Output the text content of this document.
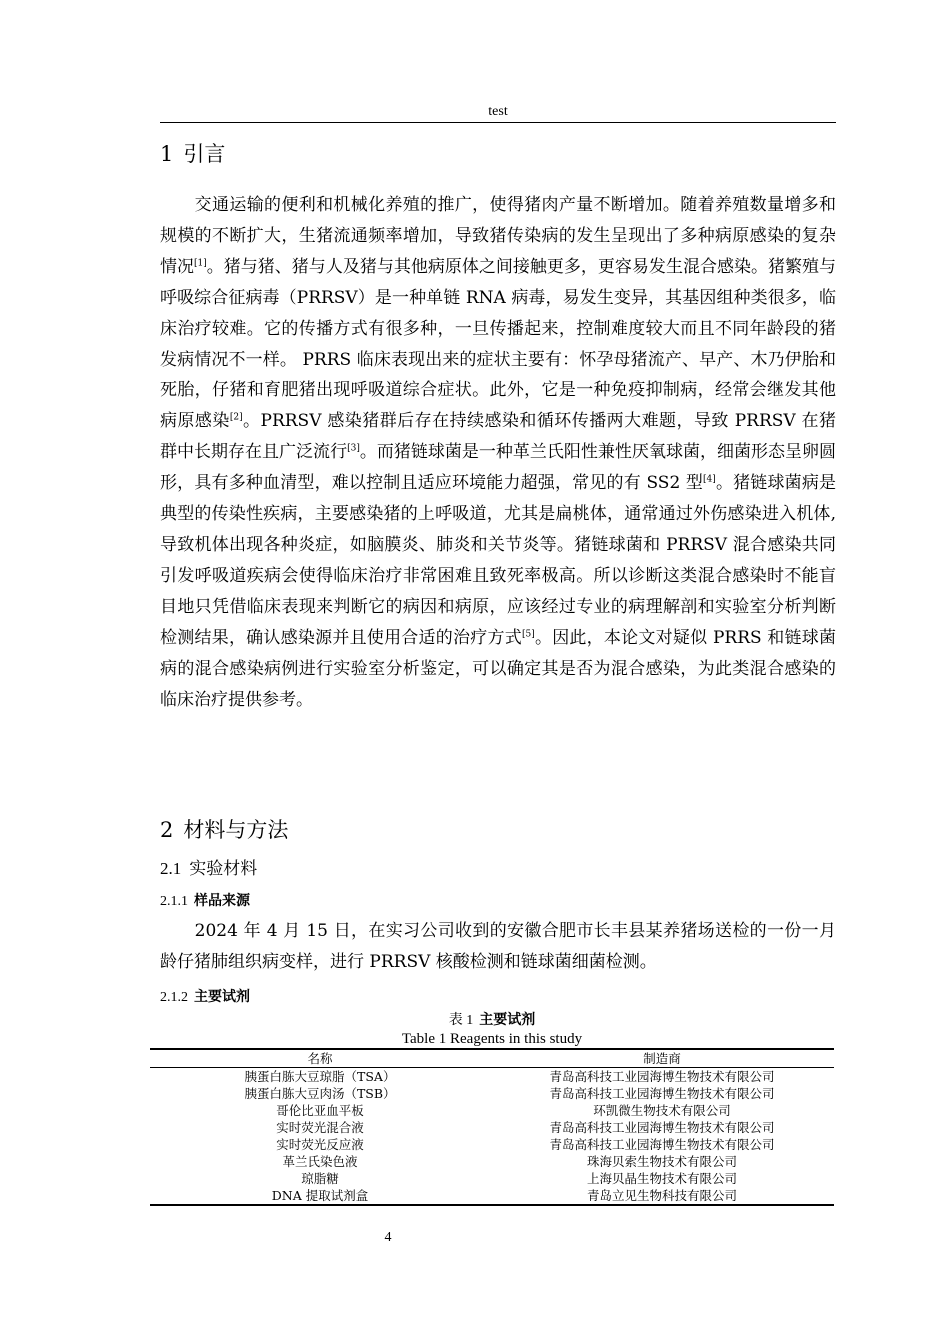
test
1 引言

　　交通运输的便利和机械化养殖的推广，使得猪肉产量不断增加。随着养殖数量增多和规模的不断扩大，生猪流通频率增加，导致猪传染病的发生呈现出了多种病原感染的复杂情况[1]。猪与猪、猪与人及猪与其他病原体之间接触更多，更容易发生混合感染。猪繁殖与呼吸综合征病毒（PRRSV）是一种单链 RNA 病毒，易发生变异，其基因组种类很多，临床治疗较难。它的传播方式有很多种，一旦传播起来，控制难度较大而且不同年龄段的猪发病情况不一样。 PRRS 临床表现出来的症状主要有：怀孕母猪流产、早产、木乃伊胎和死胎，仔猪和育肥猪出现呼吸道综合症状。此外，它是一种免疫抑制病，经常会继发其他病原感染[2]。PRRSV 感染猪群后存在持续感染和循环传播两大难题，导致 PRRSV 在猪群中长期存在且广泛流行[3]。而猪链球菌是一种革兰氏阳性兼性厌氧球菌，细菌形态呈卵圆形，具有多种血清型，难以控制且适应环境能力超强，常见的有 SS2 型[4]。猪链球菌病是典型的传染性疾病，主要感染猪的上呼吸道，尤其是扁桃体，通常通过外伤感染进入机体,导致机体出现各种炎症，如脑膜炎、肺炎和关节炎等。猪链球菌和 PRRSV 混合感染共同引发呼吸道疾病会使得临床治疗非常困难且致死率极高。所以诊断这类混合感染时不能盲目地只凭借临床表现来判断它的病因和病原，应该经过专业的病理解剖和实验室分析判断检测结果，确认感染源并且使用合适的治疗方式[5]。因此，本论文对疑似 PRRS 和链球菌病的混合感染病例进行实验室分析鉴定，可以确定其是否为混合感染，为此类混合感染的临床治疗提供参考。

2 材料与方法
2.1 实验材料
2.1.1 样品来源

　　2024 年 4 月 15 日，在实习公司收到的安徽合肥市长丰县某养猪场送检的一份一月龄仔猪肺组织病变样，进行 PRRSV 核酸检测和链球菌细菌检测。

2.1.2 主要试剂
表 1 主要试剂
Table 1 Reagents in this study
名称	制造商
胰蛋白胨大豆琼脂（TSA）	青岛高科技工业园海博生物技术有限公司
胰蛋白胨大豆肉汤（TSB）	青岛高科技工业园海博生物技术有限公司
哥伦比亚血平板	环凯微生物技术有限公司
实时荧光混合液	青岛高科技工业园海博生物技术有限公司
实时荧光反应液	青岛高科技工业园海博生物技术有限公司
革兰氏染色液	珠海贝索生物技术有限公司
琼脂糖	上海贝晶生物技术有限公司
DNA 提取试剂盒	青岛立见生物科技有限公司
4
